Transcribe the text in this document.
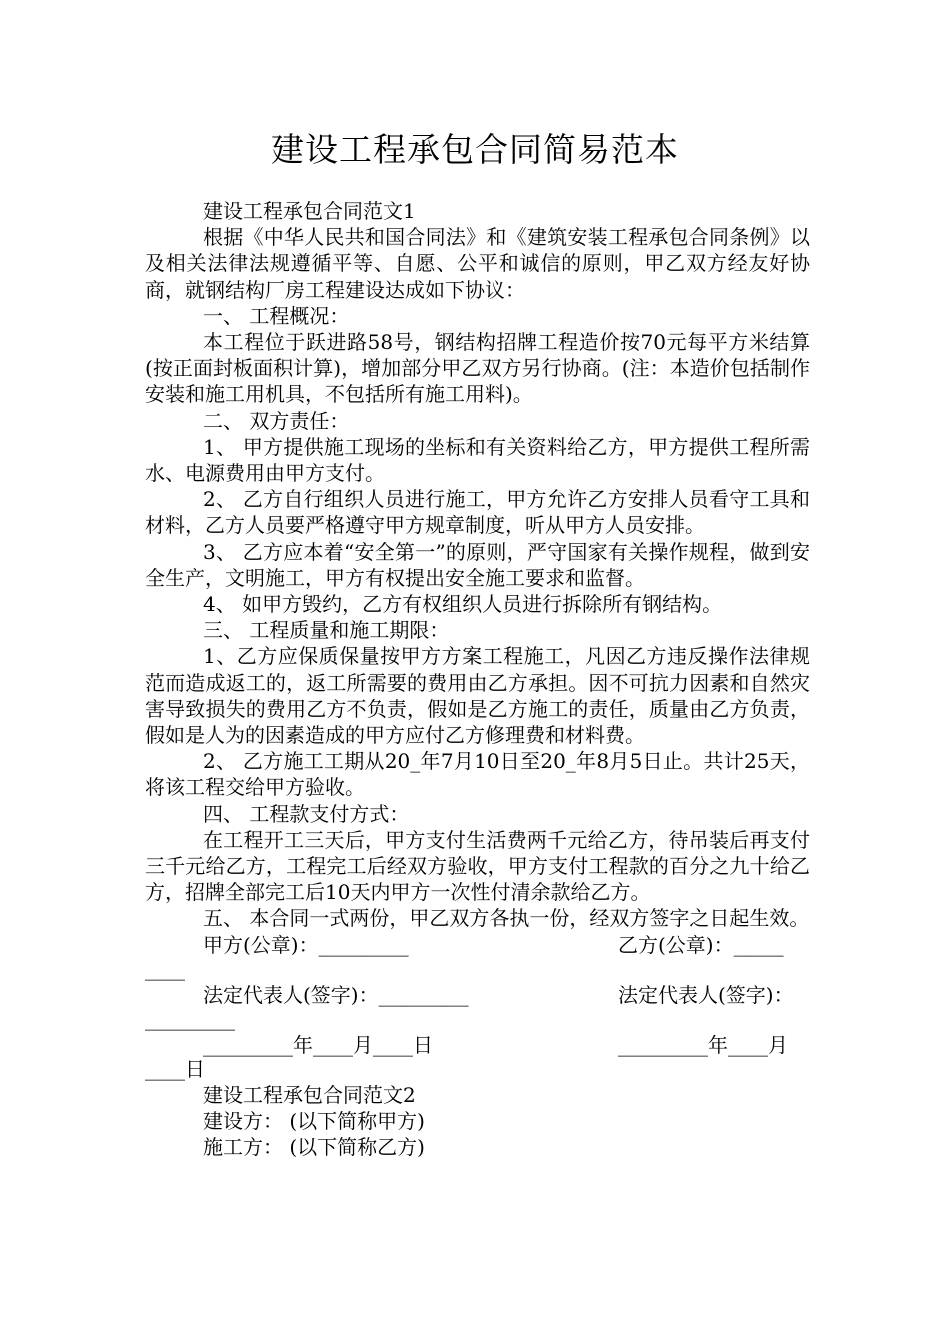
建设工程承包合同简易范本

建设工程承包合同范文1

根据《中华人民共和国合同法》和《建筑安装工程承包合同条例》以及相关法律法规遵循平等、自愿、公平和诚信的原则，甲乙双方经友好协商，就钢结构厂房工程建设达成如下协议：

一、 工程概况：

本工程位于跃进路58号，钢结构招牌工程造价按70元每平方米结算(按正面封板面积计算)，增加部分甲乙双方另行协商。(注：本造价包括制作安装和施工用机具，不包括所有施工用料)。

二、 双方责任：

1、 甲方提供施工现场的坐标和有关资料给乙方，甲方提供工程所需水、电源费用由甲方支付。

2、 乙方自行组织人员进行施工，甲方允许乙方安排人员看守工具和材料，乙方人员要严格遵守甲方规章制度，听从甲方人员安排。

3、 乙方应本着“安全第一”的原则，严守国家有关操作规程，做到安全生产，文明施工，甲方有权提出安全施工要求和监督。

4、 如甲方毁约，乙方有权组织人员进行拆除所有钢结构。

三、 工程质量和施工期限：

1、乙方应保质保量按甲方方案工程施工，凡因乙方违反操作法律规范而造成返工的，返工所需要的费用由乙方承担。因不可抗力因素和自然灾害导致损失的费用乙方不负责，假如是乙方施工的责任，质量由乙方负责，假如是人为的因素造成的甲方应付乙方修理费和材料费。

2、 乙方施工工期从20_年7月10日至20_年8月5日止。共计25天，将该工程交给甲方验收。

四、 工程款支付方式：

在工程开工三天后，甲方支付生活费两千元给乙方，待吊装后再支付三千元给乙方，工程完工后经双方验收，甲方支付工程款的百分之九十给乙方，招牌全部完工后10天内甲方一次性付清余款给乙方。

五、 本合同一式两份，甲乙双方各执一份，经双方签字之日起生效。

甲方(公章)：_________	乙方(公章)：_____
____
法定代表人(签字)：_________	法定代表人(签字)：
_________
_________年____月____日	_________年____月
____日

建设工程承包合同范文2

建设方： (以下简称甲方)

施工方： (以下简称乙方)
